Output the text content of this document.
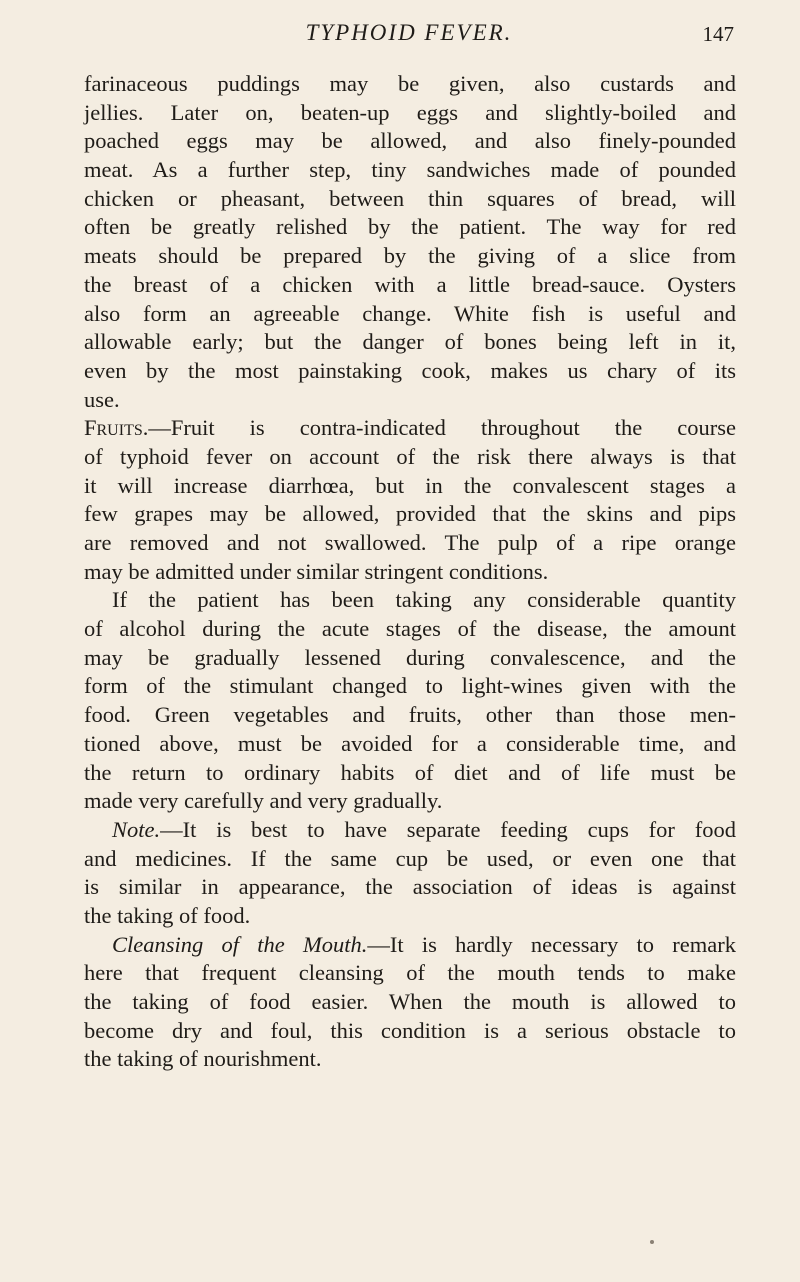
TYPHOID FEVER.	147
farinaceous puddings may be given, also custards and
jellies. Later on, beaten-up eggs and slightly-boiled and
poached eggs may be allowed, and also finely-pounded
meat. As a further step, tiny sandwiches made of pounded
chicken or pheasant, between thin squares of bread, will
often be greatly relished by the patient. The way for red
meats should be prepared by the giving of a slice from
the breast of a chicken with a little bread-sauce. Oysters
also form an agreeable change. White fish is useful and
allowable early; but the danger of bones being left in it,
even by the most painstaking cook, makes us chary of its
use.
Fruits.—Fruit is contra-indicated throughout the course
of typhoid fever on account of the risk there always is that
it will increase diarrhœa, but in the convalescent stages a
few grapes may be allowed, provided that the skins and pips
are removed and not swallowed. The pulp of a ripe orange
may be admitted under similar stringent conditions.
If the patient has been taking any considerable quantity
of alcohol during the acute stages of the disease, the amount
may be gradually lessened during convalescence, and the
form of the stimulant changed to light-wines given with the
food. Green vegetables and fruits, other than those men-
tioned above, must be avoided for a considerable time, and
the return to ordinary habits of diet and of life must be
made very carefully and very gradually.
Note.—It is best to have separate feeding cups for food
and medicines. If the same cup be used, or even one that
is similar in appearance, the association of ideas is against
the taking of food.
Cleansing of the Mouth.—It is hardly necessary to remark
here that frequent cleansing of the mouth tends to make
the taking of food easier. When the mouth is allowed to
become dry and foul, this condition is a serious obstacle to
the taking of nourishment.
